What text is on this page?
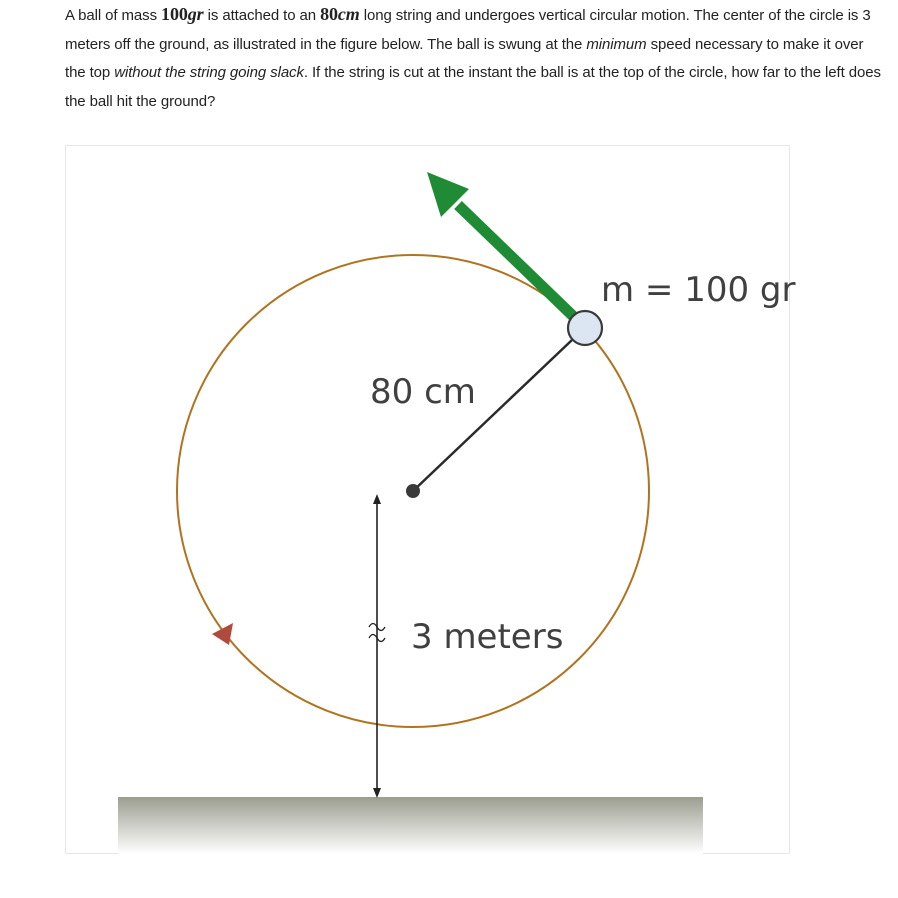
A ball of mass 100gr is attached to an 80cm long string and undergoes vertical circular motion. The center of the circle is 3 meters off the ground, as illustrated in the figure below. The ball is swung at the minimum speed necessary to make it over the top without the string going slack. If the string is cut at the instant the ball is at the top of the circle, how far to the left does the ball hit the ground?
m = 100 gr
80 cm
3 meters
